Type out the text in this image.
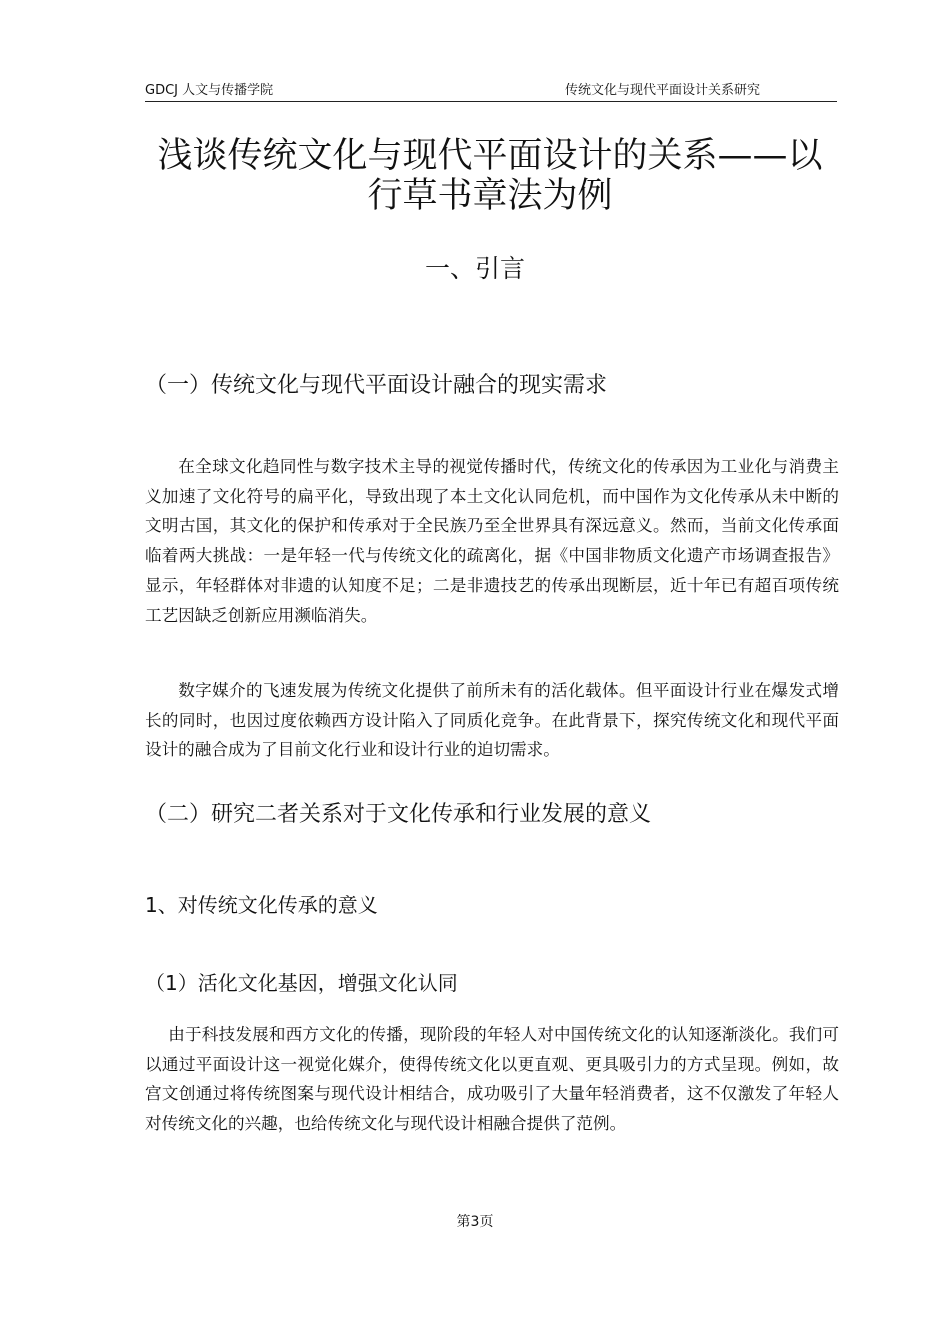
GDCJ 人文与传播学院	传统文化与现代平面设计关系研究
浅谈传统文化与现代平面设计的关系——以
行草书章法为例
一、引言
（一）传统文化与现代平面设计融合的现实需求

在全球文化趋同性与数字技术主导的视觉传播时代，传统文化的传承因为工业化与消费主义加速了文化符号的扁平化，导致出现了本土文化认同危机，而中国作为文化传承从未中断的文明古国，其文化的保护和传承对于全民族乃至全世界具有深远意义。然而，当前文化传承面临着两大挑战：一是年轻一代与传统文化的疏离化，据《中国非物质文化遗产市场调查报告》显示，年轻群体对非遗的认知度不足；二是非遗技艺的传承出现断层，近十年已有超百项传统工艺因缺乏创新应用濒临消失。

数字媒介的飞速发展为传统文化提供了前所未有的活化载体。但平面设计行业在爆发式增长的同时，也因过度依赖西方设计陷入了同质化竞争。在此背景下，探究传统文化和现代平面设计的融合成为了目前文化行业和设计行业的迫切需求。

（二）研究二者关系对于文化传承和行业发展的意义
1、对传统文化传承的意义
（1）活化文化基因，增强文化认同

由于科技发展和西方文化的传播，现阶段的年轻人对中国传统文化的认知逐渐淡化。我们可以通过平面设计这一视觉化媒介，使得传统文化以更直观、更具吸引力的方式呈现。例如，故宫文创通过将传统图案与现代设计相结合，成功吸引了大量年轻消费者，这不仅激发了年轻人对传统文化的兴趣，也给传统文化与现代设计相融合提供了范例。

第3页
